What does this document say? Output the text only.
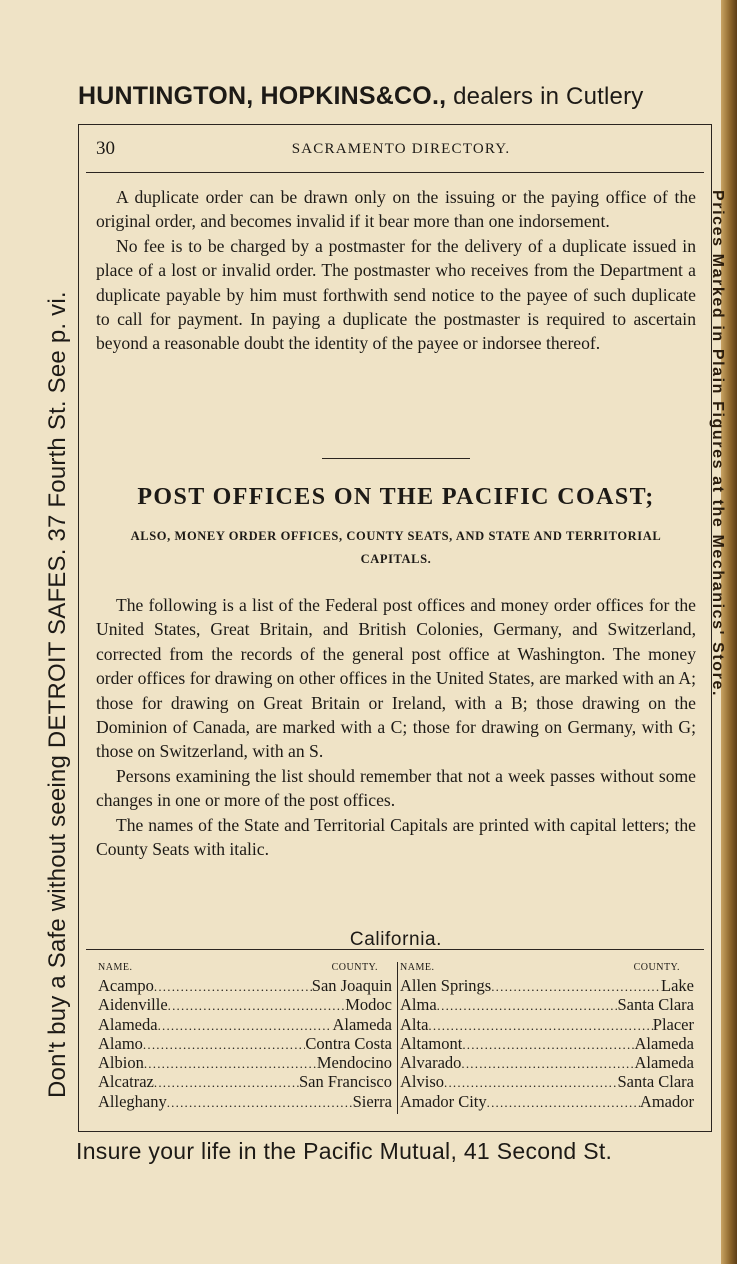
HUNTINGTON, HOPKINS&CO., dealers in Cutlery
Don't buy a Safe without seeing DETROIT SAFES. 37 Fourth St. See p. vi.	Prices Marked in Plain Figures at the Mechanics' Store.
30	SACRAMENTO DIRECTORY.

A duplicate order can be drawn only on the issuing or the paying office of the original order, and becomes invalid if it bear more than one indorsement.

No fee is to be charged by a postmaster for the delivery of a duplicate issued in place of a lost or invalid order. The postmaster who receives from the Department a duplicate payable by him must forthwith send notice to the payee of such duplicate to call for payment. In paying a duplicate the postmaster is required to ascertain beyond a reasonable doubt the identity of the payee or indorsee thereof.

POST OFFICES ON THE PACIFIC COAST;
ALSO, MONEY ORDER OFFICES, COUNTY SEATS, AND STATE AND TERRITORIAL CAPITALS.

The following is a list of the Federal post offices and money order offices for the United States, Great Britain, and British Colonies, Germany, and Switzerland, corrected from the records of the general post office at Washington. The money order offices for drawing on other offices in the United States, are marked with an A; those for drawing on Great Britain or Ireland, with a B; those drawing on the Dominion of Canada, are marked with a C; those for drawing on Germany, with G; those on Switzerland, with an S.

Persons examining the list should remember that not a week passes without some changes in one or more of the post offices.

The names of the State and Territorial Capitals are printed with capital letters; the County Seats with italic.

California.
NAME.	COUNTY.
Acampo .....	San Joaquin
Aidenville .....	Modoc
Alameda .....	Alameda
Alamo .....	Contra Costa
Albion .....	Mendocino
Alcatraz .....	San Francisco
Alleghany .....	Sierra
NAME.	COUNTY.
Allen Springs .....	Lake
Alma .....	Santa Clara
Alta .....	Placer
Altamont .....	Alameda
Alvarado .....	Alameda
Alviso .....	Santa Clara
Amador City .....	Amador
Insure your life in the Pacific Mutual, 41 Second St.
